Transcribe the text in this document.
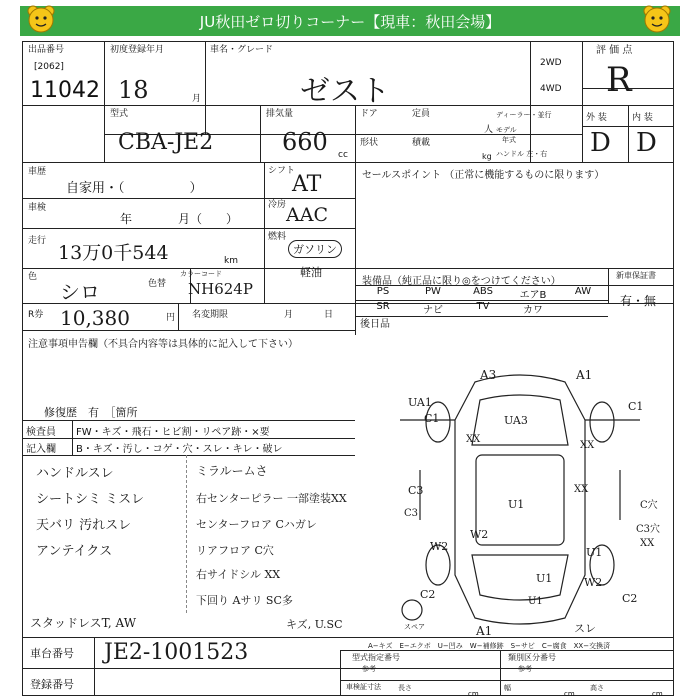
JU秋田ゼロ切りコーナー【現車：秋田会場】
出品番号
[2062]
11042
初度登録年月
18	月
車名・グレード
ゼスト
2WD
4WD
評 価 点
R
型式
CBA-JE2
排気量
660 cc
ドア	定員
人
形状	積載
kg
ディーラー・並行
モデル
年式
ハンドル 左・右
外 装	内 装
D D
車歴
自家用・（　　　　　）
車検
年	月（　　）
走行
13万0千544	km
色
シロ	色替
カラーコード
NH624P
R券 10,380	円 名変期限	月	日
シフト
AT
冷房 AAC
燃料
ガソリン
軽油
セールスポイント （正常に機能するものに限ります）
装備品（純正品に限り◎をつけてください）
新車保証書
有・無
PS	PW	ABS	エアB	AW
SR	ナビ	TV	カワ
後日品
注意事項申告欄（不具合内容等は具体的に記入して下さい）
修復歴　有　［箇所
検査員
記入欄
FW・キズ・飛石・ヒビ割・リペア跡・×要
B・キズ・汚し・コゲ・穴・スレ・キレ・破レ
ハンドルスレ
シートシミ ミスレ
天バリ 汚れスレ
アンテイクス
ミラルームさ
右センターピラー 一部塗装XX
センターフロア Cハガレ
リアフロア C穴
右サイドシル XX
下回り Aサリ SC多
スタッドレスT, AW	キズ, U.SC	スペア
A3	A1
UA1
C1
C1
UA3
XX
XX
XX
C3
U1
W2
W2	U1
C3
U1	W2
C2	C2
A1	スレ
C穴
C3穴
XX
U1
A−キズ　E−エクボ　U−凹み　W−補修跡　S−サビ　C−腐食　XX−交換済
車台番号 JE2-1001523
登録番号
型式指定番号
参考
類別区分番号
参考
車検証寸法 長さ
cm
幅
cm
高さ
cm
